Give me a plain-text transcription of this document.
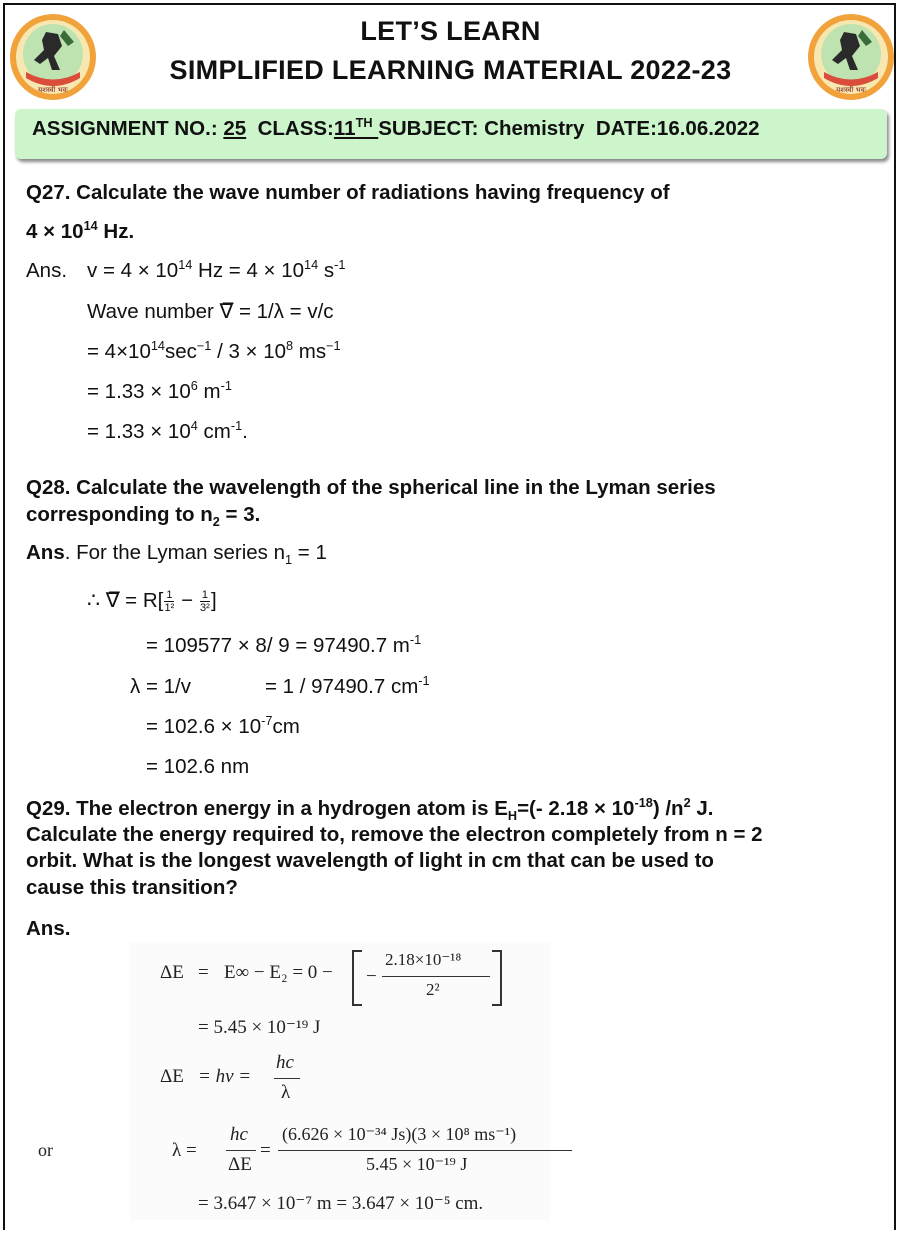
यशस्वी भवः	यशस्वी भवः
LET’S LEARN
SIMPLIFIED LEARNING MATERIAL 2022-23
ASSIGNMENT NO.: 25 CLASS:11TH SUBJECT: Chemistry DATE:16.06.2022
Q27. Calculate the wave number of radiations having frequency of
$4 \times 10^{14}$ Hz.
Ans. $v = 4 \times 10^{14}$ $Hz = 4 \times 10^{14}$ $s^{-1}$
Wave number ∇̅ = 1/λ = v/c
= $4\times 10^{14}\sec^{-1} / 3 \times 10^8$ $ms^{-1}$
= $1.33 \times 10^6$ $m^{-1}$
= $1.33 \times 10^4$ $cm^{-1}$.
Q28. Calculate the wavelength of the spherical line in the Lyman series
corresponding to $n_2 = 3$.
Ans. For the Lyman series $n_1 = 1$
∴ ∇̅ = $R[ \frac{1}{\text{1²}} - \frac{1}{\text{3²}}$ ]
= 109577 × 8/ 9 = 97490.7 $m^{-1}$
λ = 1/v	= 1 / 97490.7 $cm^{-1}$
= $102.6 \times 10^{-7}cm$
= 102.6 nm
Q29. The electron energy in a hydrogen atom is $E_H=(-$ $2.18 \times 10^{-18}$) $/n^2$ J.
Calculate the energy required to, remove the electron completely from n = 2
orbit. What is the longest wavelength of light in cm that can be used to
cause this transition?
Ans.
ΔE = E∞ − E₂ = 0 − −
2.18×10⁻¹⁸
2²
= 5.45 × 10⁻¹⁹ J
ΔE = hν =
hc
λ
or	λ =
hc
ΔE
=
(6.626 × 10⁻³⁴ Js)(3 × 10⁸ ms⁻¹)
5.45 × 10⁻¹⁹ J
= 3.647 × 10⁻⁷ m = 3.647 × 10⁻⁵ cm.
